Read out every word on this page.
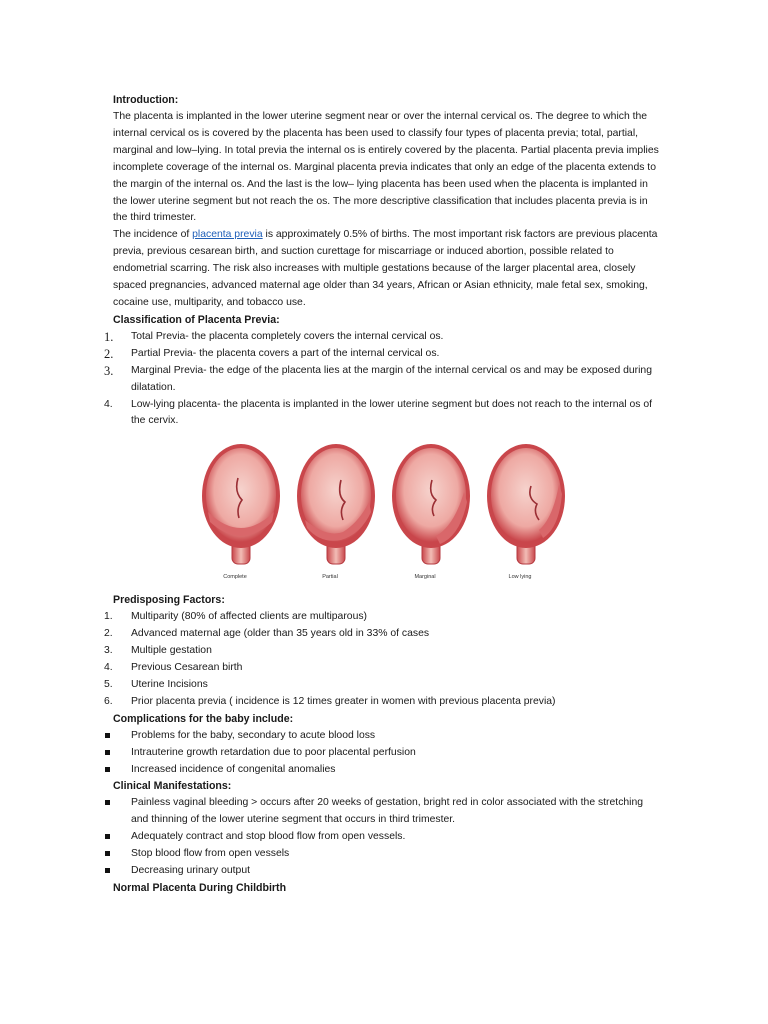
Introduction:

The placenta is implanted in the lower uterine segment near or over the internal cervical os. The degree to which the internal cervical os is covered by the placenta has been used to classify four types of placenta previa; total, partial, marginal and low–lying. In total previa the internal os is entirely covered by the placenta. Partial placenta previa implies incomplete coverage of the internal os. Marginal placenta previa indicates that only an edge of the placenta extends to the margin of the internal os. And the last is the low– lying placenta has been used when the placenta is implanted in the lower uterine segment but not reach the os. The more descriptive classification that includes placenta previa is in the third trimester.

The incidence of placenta previa is approximately 0.5% of births. The most important risk factors are previous placenta previa, previous cesarean birth, and suction curettage for miscarriage or induced abortion, possible related to endometrial scarring. The risk also increases with multiple gestations because of the larger placental area, closely spaced pregnancies, advanced maternal age older than 34 years, African or Asian ethnicity, male fetal sex, smoking, cocaine use, multiparity, and tobacco use.

Classification of Placenta Previa:
1.	Total Previa- the placenta completely covers the internal cervical os.
2.	Partial Previa- the placenta covers a part of the internal cervical os.
3.	Marginal Previa- the edge of the placenta lies at the margin of the internal cervical os and may be exposed during dilatation.
4.	Low-lying placenta- the placenta is implanted in the lower uterine segment but does not reach to the internal os of the cervix.
Complete	Partial	Marginal	Low lying
Predisposing Factors:
1.	Multiparity (80% of affected clients are multiparous)
2.	Advanced maternal age (older than 35 years old in 33% of cases
3.	Multiple gestation
4.	Previous Cesarean birth
5.	Uterine Incisions
6.	Prior placenta previa ( incidence is 12 times greater in women with previous placenta previa)
Complications for the baby include:
Problems for the baby, secondary to acute blood loss
Intrauterine growth retardation due to poor placental perfusion
Increased incidence of congenital anomalies
Clinical Manifestations:
Painless vaginal bleeding > occurs after 20 weeks of gestation, bright red in color associated with the stretching and thinning of the lower uterine segment that occurs in third trimester.
Adequately contract and stop blood flow from open vessels.
Stop blood flow from open vessels
Decreasing urinary output
Normal Placenta During Childbirth
